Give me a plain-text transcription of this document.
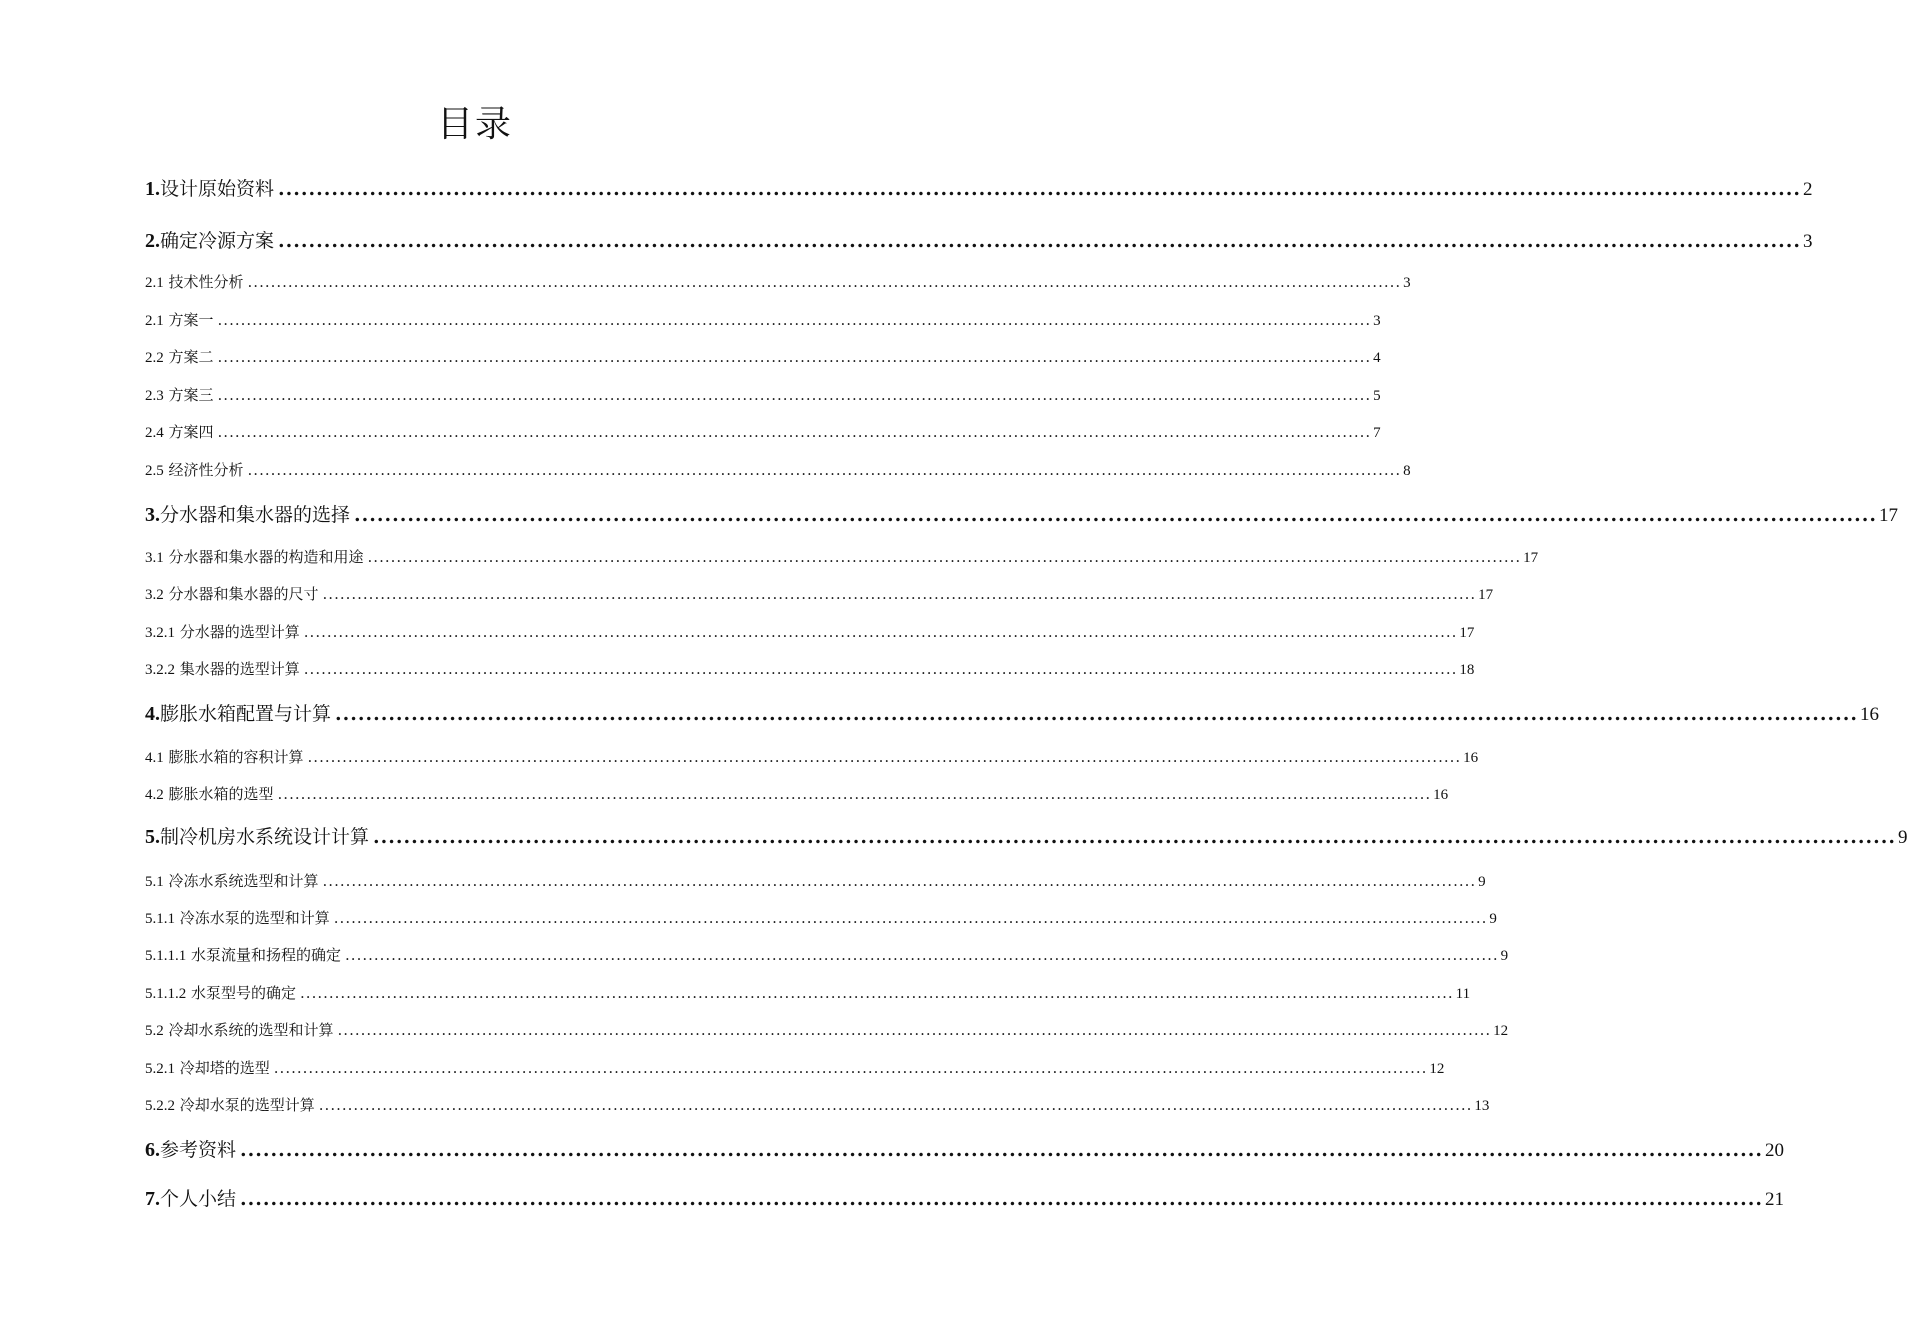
目录
1.设计原始资料 ........................................................................................................................................................................................................ 2
2.确定冷源方案 ........................................................................................................................................................................................................ 3
2.1 技术性分析 ........................................................................................................................................................................................................ 3
2.1 方案一 ........................................................................................................................................................................................................ 3
2.2 方案二 ........................................................................................................................................................................................................ 4
2.3 方案三 ........................................................................................................................................................................................................ 5
2.4 方案四 ........................................................................................................................................................................................................ 7
2.5 经济性分析 ........................................................................................................................................................................................................ 8
3.分水器和集水器的选择 ........................................................................................................................................................................................................ 17
3.1 分水器和集水器的构造和用途 ........................................................................................................................................................................................................ 17
3.2 分水器和集水器的尺寸 ........................................................................................................................................................................................................ 17
3.2.1 分水器的选型计算 ........................................................................................................................................................................................................ 17
3.2.2 集水器的选型计算 ........................................................................................................................................................................................................ 18
4.膨胀水箱配置与计算 ........................................................................................................................................................................................................ 16
4.1 膨胀水箱的容积计算 ........................................................................................................................................................................................................ 16
4.2 膨胀水箱的选型 ........................................................................................................................................................................................................ 16
5.制冷机房水系统设计计算 ........................................................................................................................................................................................................ 9
5.1 冷冻水系统选型和计算 ........................................................................................................................................................................................................ 9
5.1.1 冷冻水泵的选型和计算 ........................................................................................................................................................................................................ 9
5.1.1.1 水泵流量和扬程的确定 ........................................................................................................................................................................................................ 9
5.1.1.2 水泵型号的确定 ........................................................................................................................................................................................................ 11
5.2 冷却水系统的选型和计算 ........................................................................................................................................................................................................ 12
5.2.1 冷却塔的选型 ........................................................................................................................................................................................................ 12
5.2.2 冷却水泵的选型计算 ........................................................................................................................................................................................................ 13
6.参考资料 ........................................................................................................................................................................................................ 20
7.个人小结 ........................................................................................................................................................................................................ 21
